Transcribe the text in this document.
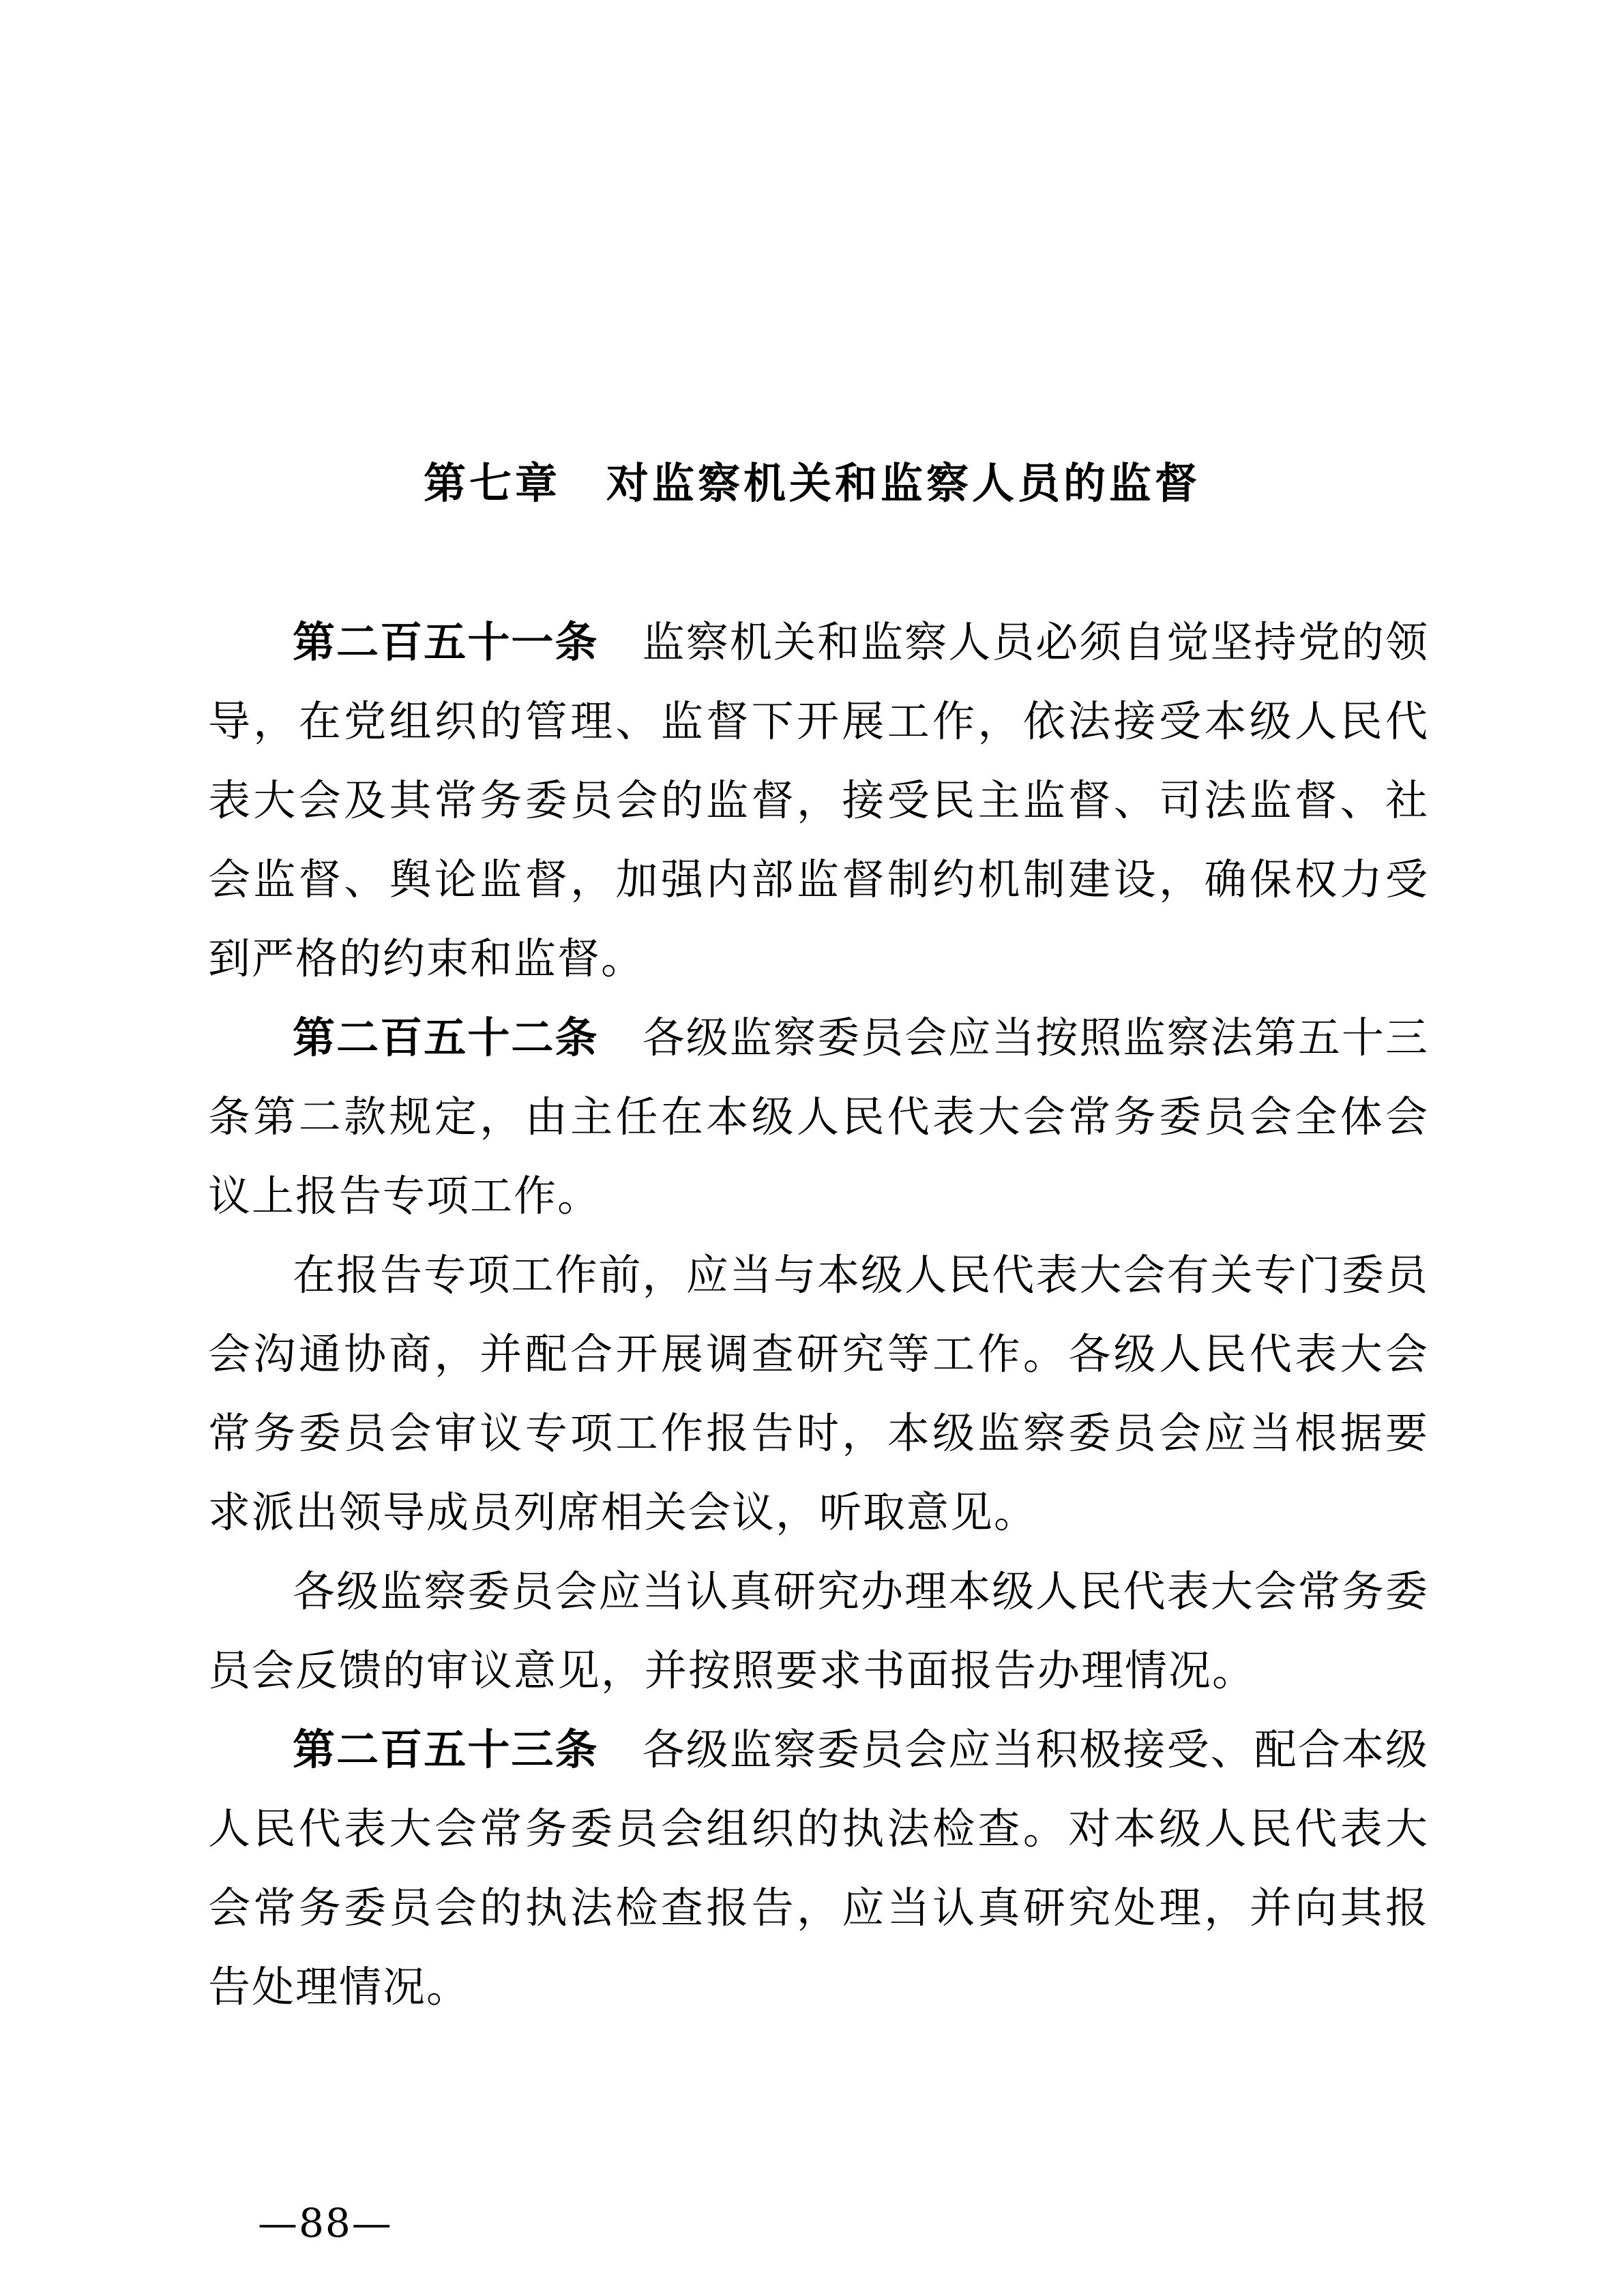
第七章　对监察机关和监察人员的监督

第二百五十一条　监察机关和监察人员必须自觉坚持党的领导，在党组织的管理、监督下开展工作，依法接受本级人民代表大会及其常务委员会的监督，接受民主监督、司法监督、社会监督、舆论监督，加强内部监督制约机制建设，确保权力受到严格的约束和监督。

第二百五十二条　各级监察委员会应当按照监察法第五十三条第二款规定，由主任在本级人民代表大会常务委员会全体会议上报告专项工作。

在报告专项工作前，应当与本级人民代表大会有关专门委员会沟通协商，并配合开展调查研究等工作。各级人民代表大会常务委员会审议专项工作报告时，本级监察委员会应当根据要求派出领导成员列席相关会议，听取意见。

各级监察委员会应当认真研究办理本级人民代表大会常务委员会反馈的审议意见，并按照要求书面报告办理情况。

第二百五十三条　各级监察委员会应当积极接受、配合本级人民代表大会常务委员会组织的执法检查。对本级人民代表大会常务委员会的执法检查报告，应当认真研究处理，并向其报告处理情况。

—88—
